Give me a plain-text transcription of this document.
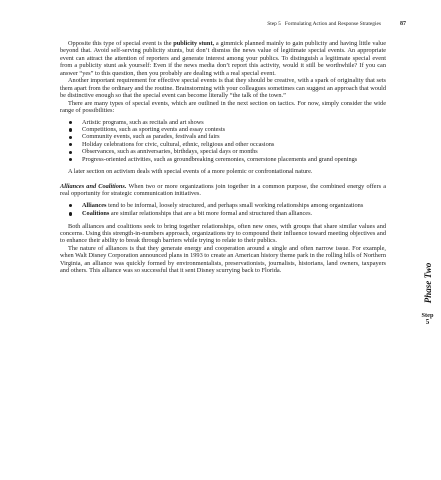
Step 5 Formulating Action and Response Strategies	87

Opposite this type of special event is the publicity stunt, a gimmick planned mainly to gain publicity and having little value beyond that. Avoid self-serving publicity stunts, but don’t dismiss the news value of legitimate special events. An appropriate event can attract the attention of reporters and generate interest among your publics. To distinguish a legitimate special event from a publicity stunt ask yourself: Even if the news media don’t report this activity, would it still be worthwhile? If you can answer “yes” to this question, then you probably are dealing with a real special event.

Another important requirement for effective special events is that they should be creative, with a spark of originality that sets them apart from the ordinary and the routine. Brainstorming with your colleagues sometimes can suggest an approach that would be distinctive enough so that the special event can become literally “the talk of the town.”

There are many types of special events, which are outlined in the next section on tactics. For now, simply consider the wide range of possibilities:

Artistic programs, such as recitals and art shows
Competitions, such as sporting events and essay contests
Community events, such as parades, festivals and fairs
Holiday celebrations for civic, cultural, ethnic, religious and other occasions
Observances, such as anniversaries, birthdays, special days or months
Progress-oriented activities, such as groundbreaking ceremonies, cornerstone placements and grand openings

A later section on activism deals with special events of a more polemic or confrontational nature.

Alliances and Coalitions. When two or more organizations join together in a common purpose, the combined energy offers a real opportunity for strategic communication initiatives.

Alliances tend to be informal, loosely structured, and perhaps small working relationships among organizations
Coalitions are similar relationships that are a bit more formal and structured than alliances.

Both alliances and coalitions seek to bring together relationships, often new ones, with groups that share similar values and concerns. Using this strength-in-numbers approach, organizations try to compound their influence toward meeting objectives and to enhance their ability to break through barriers while trying to relate to their publics.

The nature of alliances is that they generate energy and cooperation around a single and often narrow issue. For example, when Walt Disney Corporation announced plans in 1993 to create an American history theme park in the rolling hills of Northern Virginia, an alliance was quickly formed by environmentalists, preservationists, journalists, historians, land owners, taxpayers and others. This alliance was so successful that it sent Disney scurrying back to Florida.	Phase Two
Step
5
